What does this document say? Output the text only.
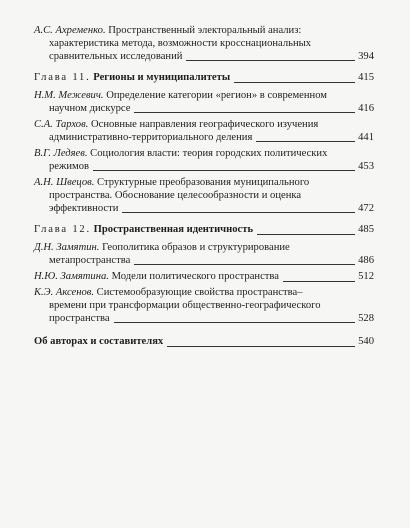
А.С. Ахременко. Пространственный электоральный анализ: характеристика метода, возможности кросснациональных сравнительных исследований	394
Глава 11. Регионы и муниципалитеты	415
Н.М. Межевич. Определение категории «регион» в современном научном дискурсе	416
С.А. Тархов. Основные направления географического изучения административно-территориального деления	441
В.Г. Ледяев. Социология власти: теория городских политических режимов	453
А.Н. Швецов. Структурные преобразования муниципального пространства. Обоснование целесообразности и оценка эффективности	472
Глава 12. Пространственная идентичность	485
Д.Н. Замятин. Геополитика образов и структурирование метапространства	486
Н.Ю. Замятина. Модели политического пространства	512
К.Э. Аксенов. Системообразующие свойства пространства–времени при трансформации общественно-географического пространства	528
Об авторах и составителях	540
